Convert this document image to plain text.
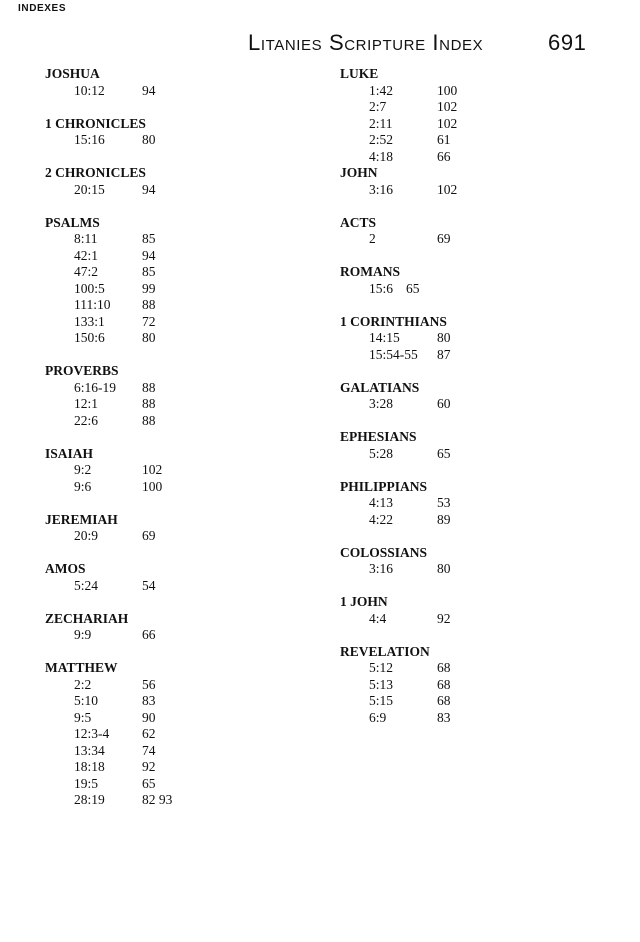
INDEXES
Litanies Scripture Index	691
JOSHUA
10:12	94
1 CHRONICLES
15:16	80
2 CHRONICLES
20:15	94
PSALMS
8:11	85
42:1	94
47:2	85
100:5	99
111:10 88
133:1	72
150:6	80
PROVERBS
6:16-19 88
12:1	88
22:6	88
ISAIAH
9:2	102
9:6	100
JEREMIAH
20:9	69
AMOS
5:24	54
ZECHARIAH
9:9	66
MATTHEW
2:2	56
5:10	83
9:5	90
12:3-4 62
13:34	74
18:18	92
19:5	65
28:19	82 93
LUKE
1:42	100
2:7	102
2:11	102
2:52	61
4:18	66
JOHN
3:16	102
ACTS
2	69
ROMANS
15:6 65
1 CORINTHIANS
14:15	80
15:54-55 87
GALATIANS
3:28	60
EPHESIANS
5:28	65
PHILIPPIANS
4:13	53
4:22	89
COLOSSIANS
3:16	80
1 JOHN
4:4	92
REVELATION
5:12	68
5:13	68
5:15	68
6:9	83
